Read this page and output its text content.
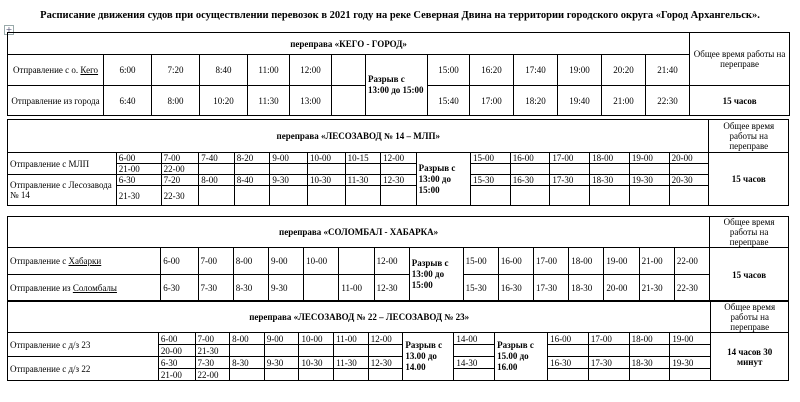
Расписание движения судов при осуществлении перевозок в 2021 году на реке Северная Двина на территории городского округа «Город Архангельск».
+
переправа «КЕГО - ГОРОД»														Общее время работы на переправе
Отправление с о. Кего	6:00	7:20	8:40	11:00	12:00		Разрыв с 13:00 до 15:00	15:00	16:20	17:40	19:00	20:20	21:40	
Отправление из города	6:40	8:00	10:20	11:30	13:00			15:40	17:00	18:20	19:40	21:00	22:30	15 часов
переправа «ЛЕСОЗАВОД № 14 – МЛП»																Общее время работы на переправе
Отправление с МЛП	6-00	7-00	7-40	8-20	9-00	10-00	10-15	12-00	Разрыв с 13:00 до 15:00	15-00	16-00	17-00	18-00	19-00	20-00	15 часов
	21-00	22-00														
Отправление с Лесозавода № 14	6-30	7-20	8-00	8-40	9-30	10-30	11-30	12-30		15-30	16-30	17-30	18-30	19-30	20-30	
	21-30	22-30														
переправа «СОЛОМБАЛ - ХАБАРКА»																Общее время работы на переправе
Отправление с Хабарки	6-00	7-00	8-00	9-00	10-00		12-00	Разрыв с 13:00 до 15:00	15-00	16-00	17-00	18-00	19-00	21-00	22-00	15 часов
Отправление из Соломбалы	6-30	7-30	8-30	9-30		11-00	12-30		15-30	16-30	17-30	18-30	20-00	21-30	22-30	
переправа «ЛЕСОЗАВОД № 22 – ЛЕСОЗАВОД № 23»															Общее время работы на переправе
Отправление с д/з 23	6-00	7-00	8-00	9-00	10-00	11-00	12-00	Разрыв с 13.00 до 14.00	14-00	Разрыв с 15.00 до 16.00	16-00	17-00	18-00	19-00	14 часов 30 минут
	20-00	21-30													
Отправление с д/з 22	6-30	7-30	8-30	9-30	10-30	11-30	12-30		14-30		16-30	17-30	18-30	19-30	
	21-00	22-00													
